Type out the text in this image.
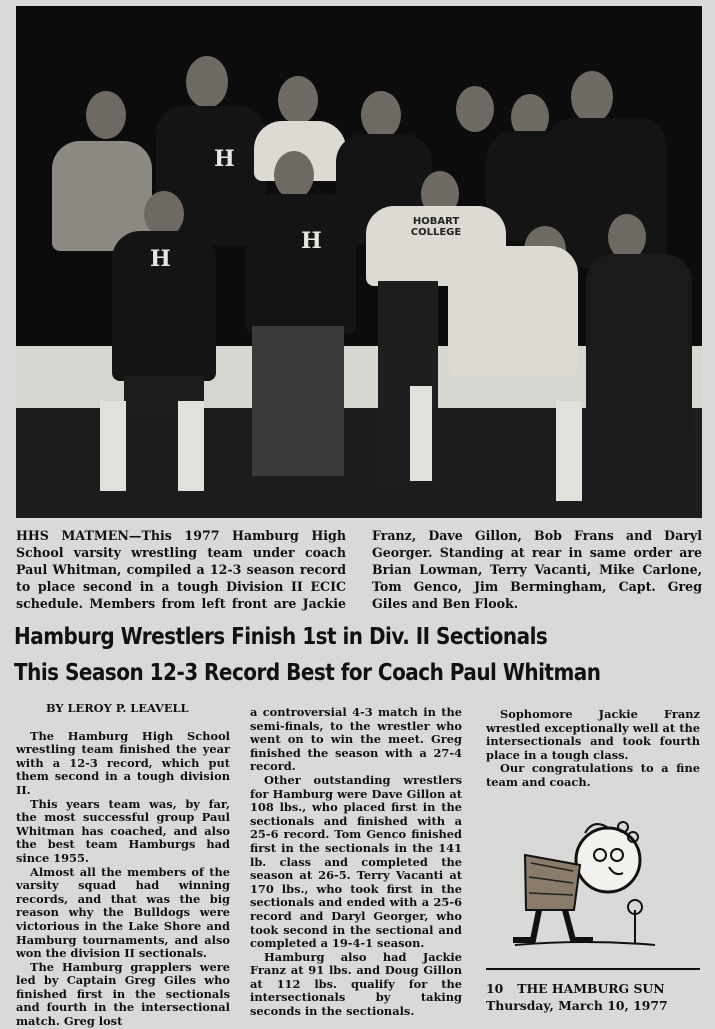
H
H
H
HOBART COLLEGE
HHS MATMEN—This 1977 Hamburg High School varsity wrestling team under coach Paul Whitman, compiled a 12-3 season record to place second in a tough Division II ECIC schedule. Members from left front are Jackie Franz, Dave Gillon, Bob Frans and Daryl Georger. Standing at rear in same order are Brian Lowman, Terry Vacanti, Mike Carlone, Tom Genco, Jim Bermingham, Capt. Greg Giles and Ben Flook.
Hamburg Wrestlers Finish 1st in Div. II Sectionals
This Season 12-3 Record Best for Coach Paul Whitman

BY LEROY P. LEAVELL

The Hamburg High School wrestling team finished the year with a 12-3 record, which put them second in a tough division II.

This years team was, by far, the most successful group Paul Whitman has coached, and also the best team Hamburgs had since 1955.

Almost all the members of the varsity squad had winning records, and that was the big reason why the Bulldogs were victorious in the Lake Shore and Hamburg tournaments, and also won the division II sectionals.

The Hamburg grapplers were led by Captain Greg Giles who finished first in the sectionals and fourth in the intersectional match. Greg lost

a controversial 4-3 match in the semi-finals, to the wrestler who went on to win the meet. Greg finished the season with a 27-4 record.

Other outstanding wrestlers for Hamburg were Dave Gillon at 108 lbs., who placed first in the sectionals and finished with a 25-6 record. Tom Genco finished first in the sectionals in the 141 lb. class and completed the season at 26-5. Terry Vacanti at 170 lbs., who took first in the sectionals and ended with a 25-6 record and Daryl Georger, who took second in the sectional and completed a 19-4-1 season.

Hamburg also had Jackie Franz at 91 lbs. and Doug Gillon at 112 lbs. qualify for the intersectionals by taking seconds in the sectionals.

Sophomore Jackie Franz wrestled exceptionally well at the intersectionals and took fourth place in a tough class.

Our congratulations to a fine team and coach.

10 THE HAMBURG SUN
Thursday, March 10, 1977
